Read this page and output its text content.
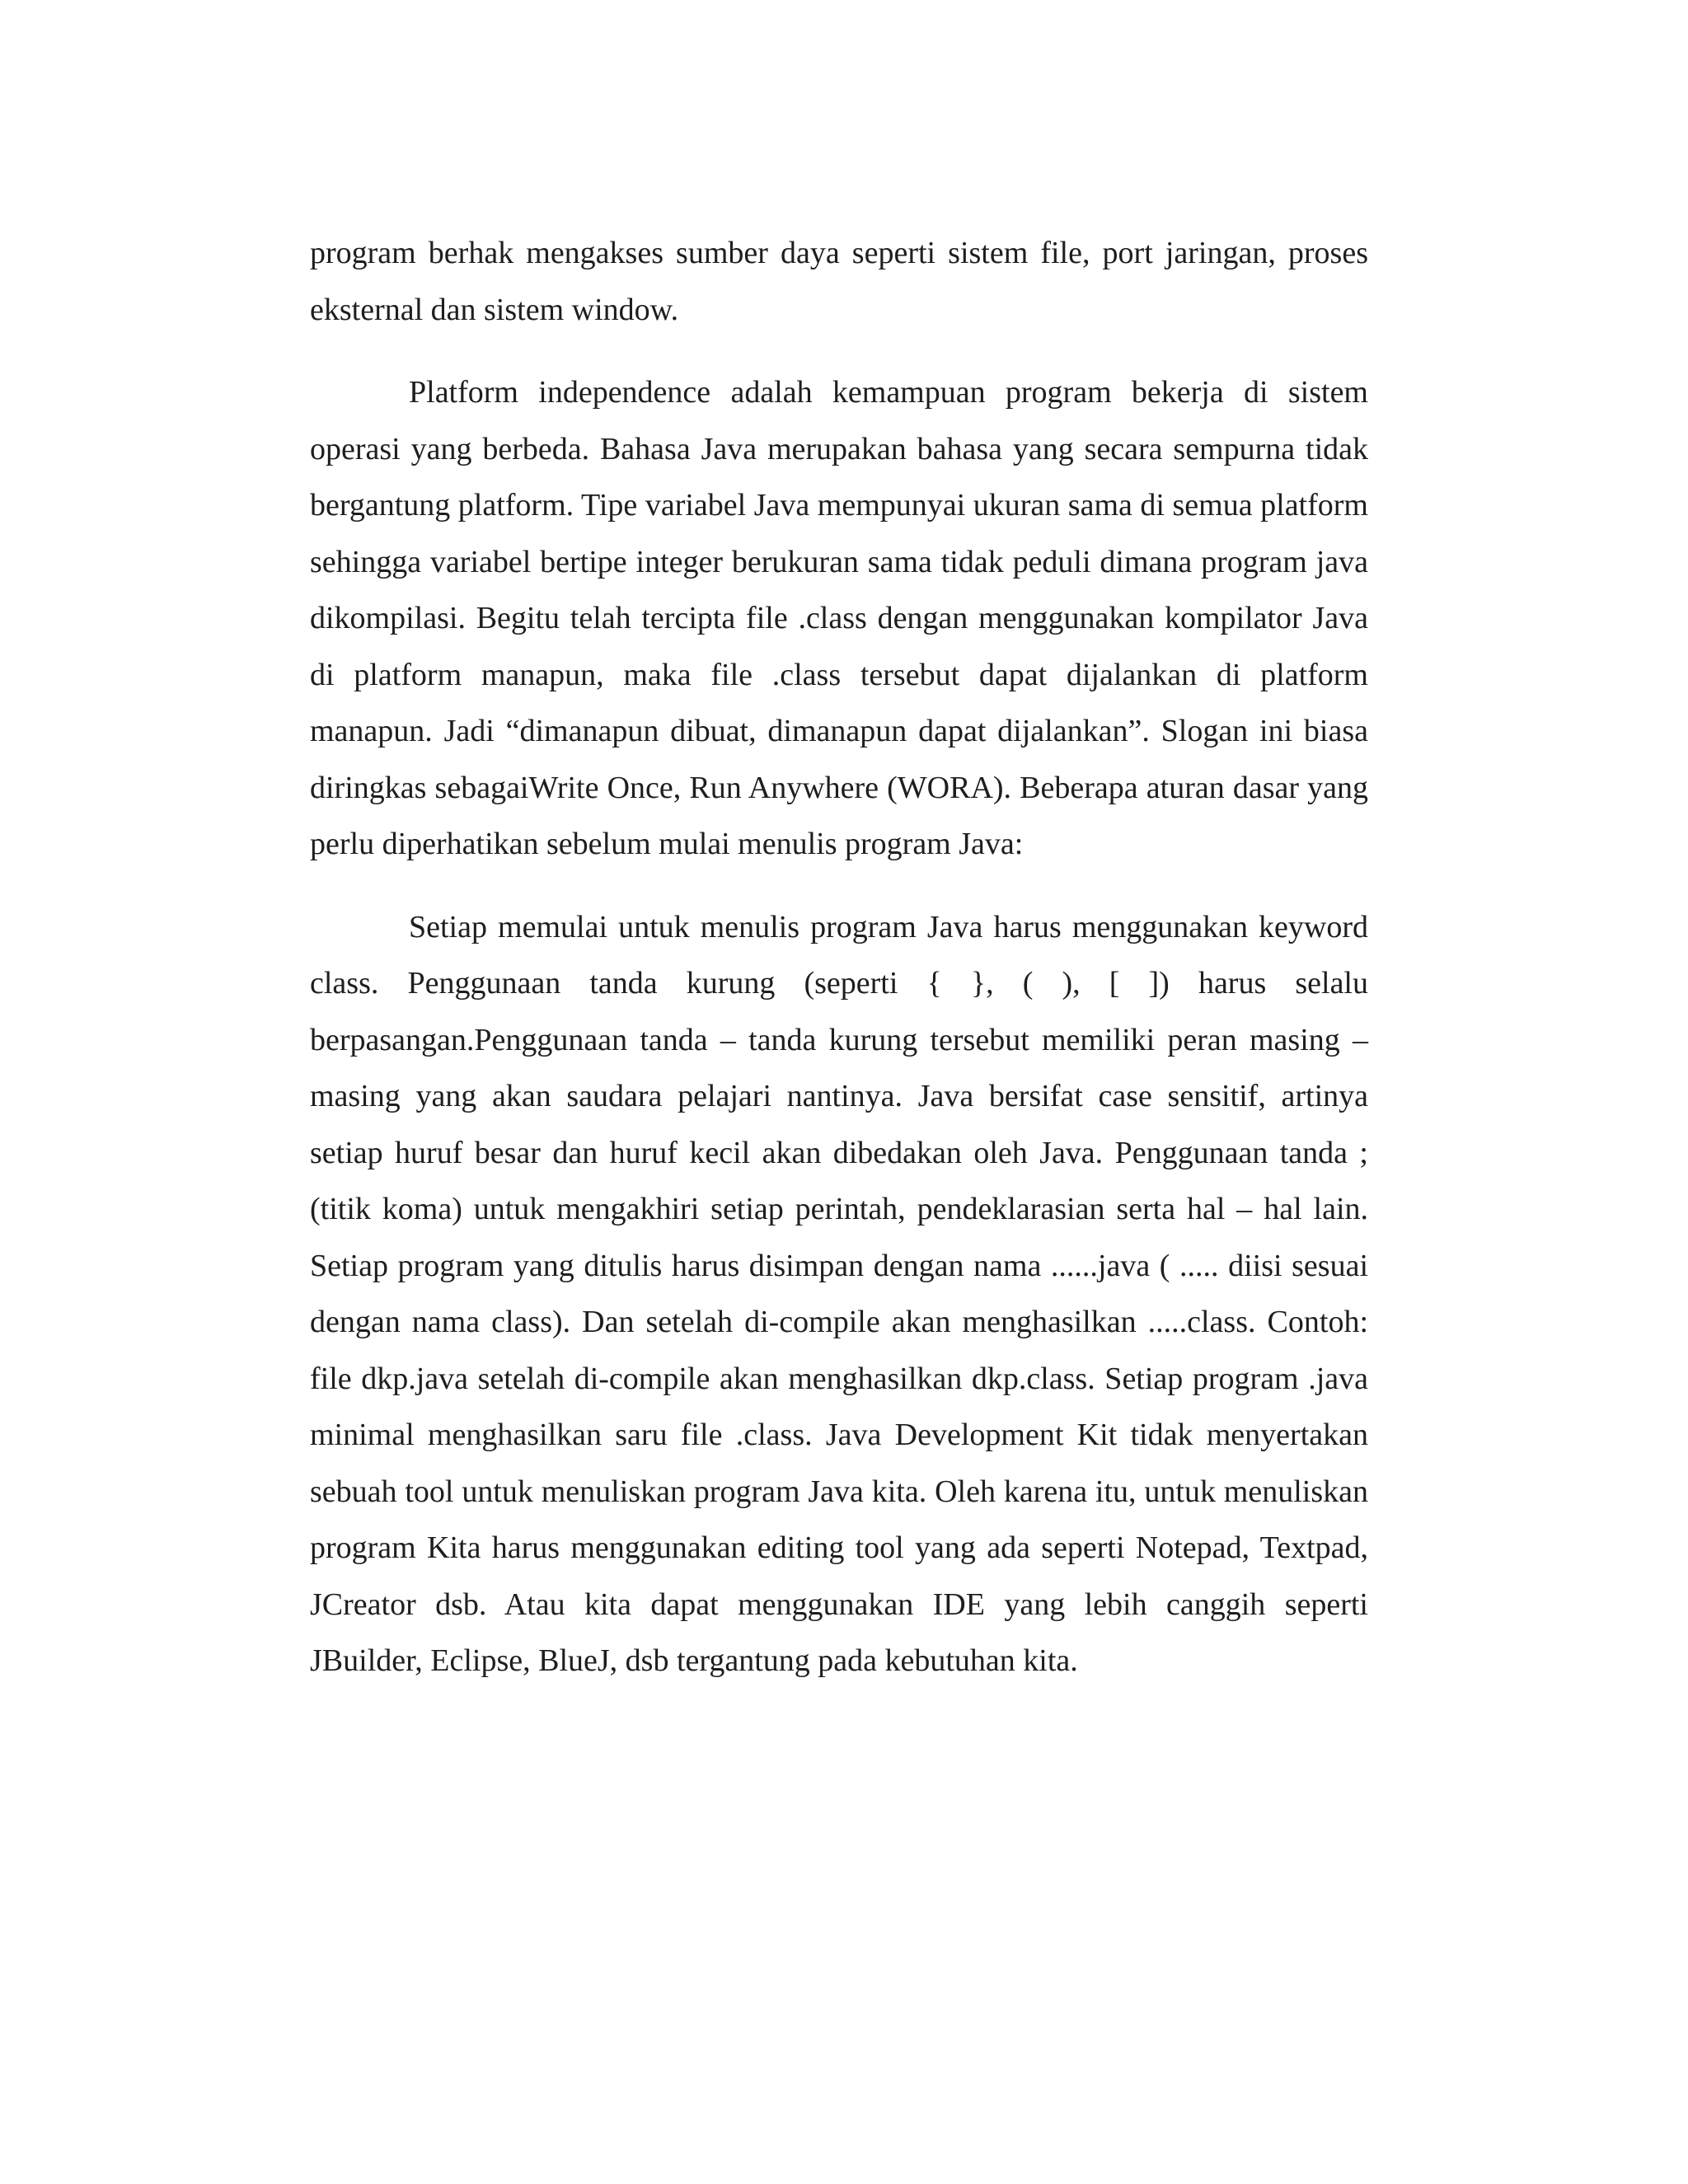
program berhak mengakses sumber daya seperti sistem file, port jaringan, proses eksternal dan sistem window.

Platform independence adalah kemampuan program bekerja di sistem operasi yang berbeda. Bahasa Java merupakan bahasa yang secara sempurna tidak bergantung platform. Tipe variabel Java mempunyai ukuran sama di semua platform sehingga variabel bertipe integer berukuran sama tidak peduli dimana program java dikompilasi. Begitu telah tercipta file .class dengan menggunakan kompilator Java di platform manapun, maka file .class tersebut dapat dijalankan di platform manapun. Jadi “dimanapun dibuat, dimanapun dapat dijalankan”. Slogan ini biasa diringkas sebagaiWrite Once, Run Anywhere (WORA). Beberapa aturan dasar yang perlu diperhatikan sebelum mulai menulis program Java:

Setiap memulai untuk menulis program Java harus menggunakan keyword class. Penggunaan tanda kurung (seperti { }, ( ), [ ]) harus selalu berpasangan.Penggunaan tanda – tanda kurung tersebut memiliki peran masing – masing yang akan saudara pelajari nantinya. Java bersifat case sensitif, artinya setiap huruf besar dan huruf kecil akan dibedakan oleh Java. Penggunaan tanda ; (titik koma) untuk mengakhiri setiap perintah, pendeklarasian serta hal – hal lain. Setiap program yang ditulis harus disimpan dengan nama ......java ( ..... diisi sesuai dengan nama class). Dan setelah di-compile akan menghasilkan .....class. Contoh: file dkp.java setelah di-compile akan menghasilkan dkp.class. Setiap program .java minimal menghasilkan saru file .class. Java Development Kit tidak menyertakan sebuah tool untuk menuliskan program Java kita. Oleh karena itu, untuk menuliskan program Kita harus menggunakan editing tool yang ada seperti Notepad, Textpad, JCreator dsb. Atau kita dapat menggunakan IDE yang lebih canggih seperti JBuilder, Eclipse, BlueJ, dsb tergantung pada kebutuhan kita.
